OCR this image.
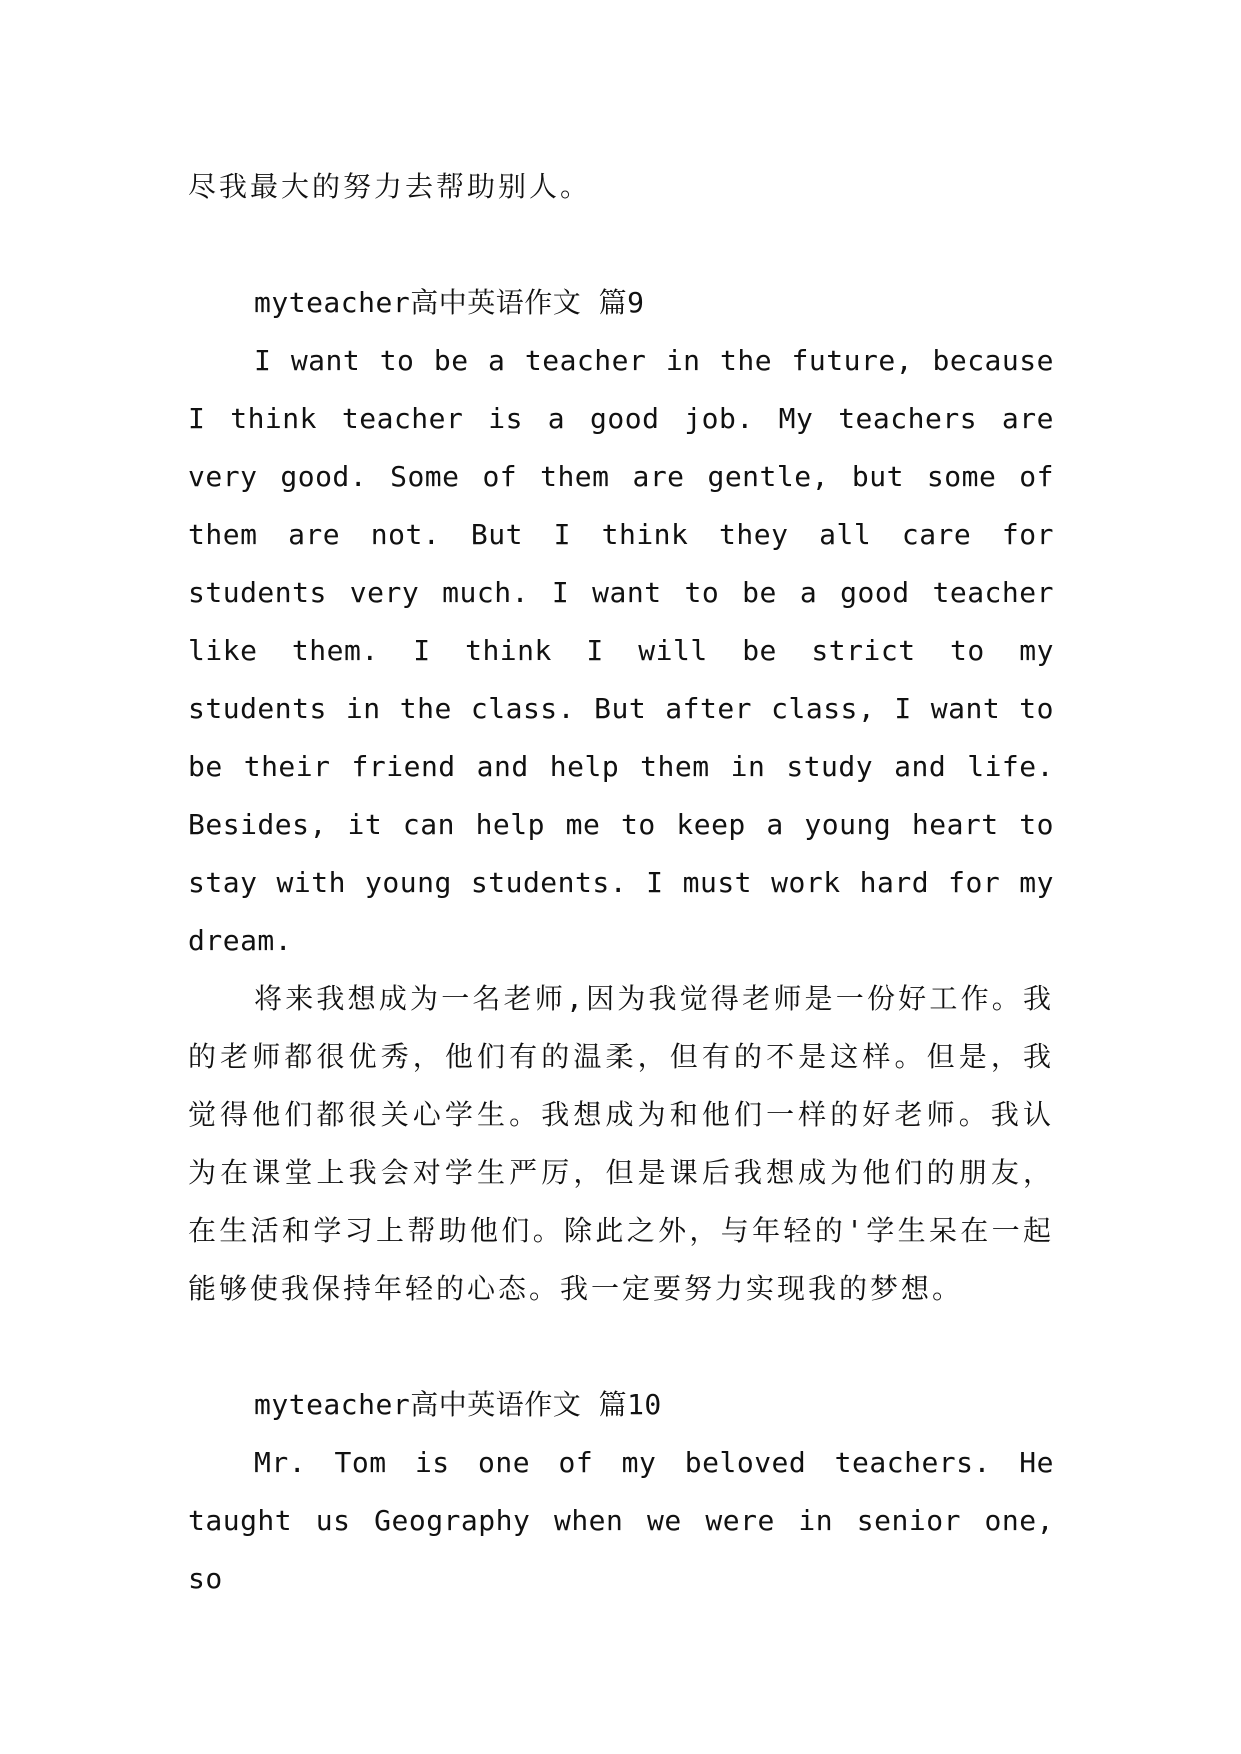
尽我最大的努力去帮助别人。

myteacher高中英语作文 篇9

I want to be a teacher in the future, because I think teacher is a good job. My teachers are very good. Some of them are gentle, but some of them are not. But I think they all care for students very much. I want to be a good teacher like them. I think I will be strict to my students in the class. But after class, I want to be their friend and help them in study and life. Besides, it can help me to keep a young heart to stay with young students. I must work hard for my dream.

将来我想成为一名老师,因为我觉得老师是一份好工作。我的老师都很优秀，他们有的温柔，但有的不是这样。但是，我觉得他们都很关心学生。我想成为和他们一样的好老师。我认为在课堂上我会对学生严厉，但是课后我想成为他们的朋友，在生活和学习上帮助他们。除此之外，与年轻的'学生呆在一起能够使我保持年轻的心态。我一定要努力实现我的梦想。

myteacher高中英语作文 篇10

Mr. Tom is one of my beloved teachers. He taught us Geography when we were in senior one, so
